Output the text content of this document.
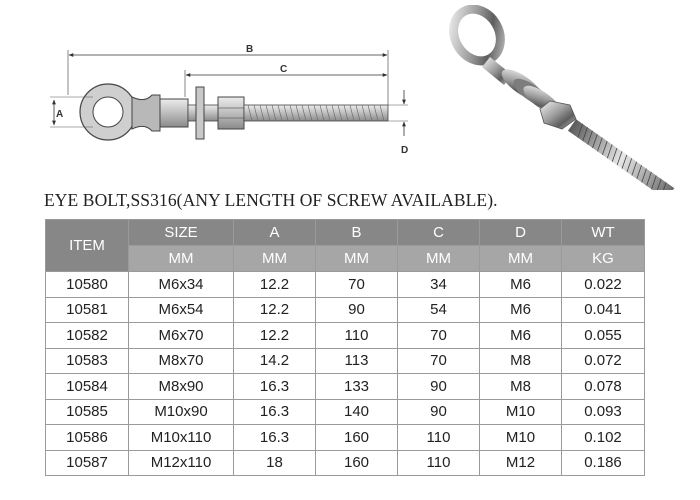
B
C
A
D
EYE BOLT,SS316(ANY LENGTH OF SCREW AVAILABLE).
ITEM	SIZE	A	B	C	D	WT
	MM	MM	MM	MM	MM	KG
10580	M6x34	12.2	70	34	M6	0.022
10581	M6x54	12.2	90	54	M6	0.041
10582	M6x70	12.2	110	70	M6	0.055
10583	M8x70	14.2	113	70	M8	0.072
10584	M8x90	16.3	133	90	M8	0.078
10585	M10x90	16.3	140	90	M10	0.093
10586	M10x110	16.3	160	110	M10	0.102
10587	M12x110	18	160	110	M12	0.186
